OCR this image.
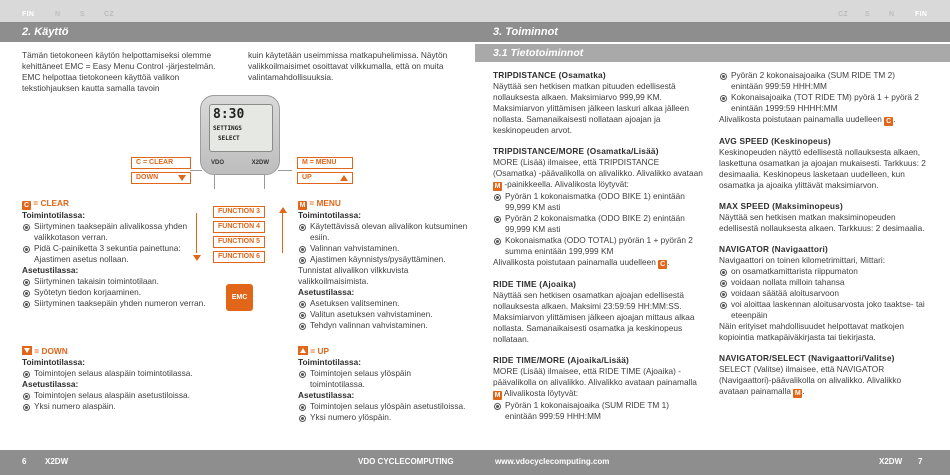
FIN	N	S	CZ
2. Käyttö
Tämän tietokoneen käytön helpottamiseksi olemme kehittäneet EMC = Easy Menu Control -järjestelmän. EMC helpottaa tietokoneen käyttöä valikon tekstiohjauksen kautta samalla tavoin
kuin käytetään useimmissa matkapuhelimissa. Näytön valikkoilmaisimet osoittavat vilkkumalla, että on muita valintamahdollisuuksia.
8:30
SETTINGS
SELECT
VDO	X2DW
C = CLEAR
DOWN
M = MENU
UP
FUNCTION 3
FUNCTION 4
FUNCTION 5
FUNCTION 6
EMC

C = CLEAR

Toimintotilassa:

Siirtyminen taaksepäin alivalikossa yhden valikkotason verran.
Pidä C-painiketta 3 sekuntia painettuna: Ajastimen asetus nollaan.

Asetustilassa:

Siirtyminen takaisin toimintotilaan.
Syötetyn tiedon korjaaminen.
Siirtyminen taaksepäin yhden numeron verran.

= DOWN

Toimintotilassa:

Toimintojen selaus alaspäin toimintotilassa.

Asetustilassa:

Toimintojen selaus alaspäin asetustiloissa.
Yksi numero alaspäin.

M = MENU

Toimintotilassa:

Käytettävissä olevan alivalikon kutsuminen esiin.
Valinnan vahvistaminen.
Ajastimen käynnistys/pysäyttäminen.

Tunnistat alivalikon vilkkuvista valikkoilmaisimista.

Asetustilassa:

Asetuksen valitseminen.
Valitun asetuksen vahvistaminen.
Tehdyn valinnan vahvistaminen.

= UP

Toimintotilassa:

Toimintojen selaus ylöspäin toimintotilassa.

Asetustilassa:

Toimintojen selaus ylöspäin asetustiloissa.
Yksi numero ylöspäin.
6 X2DW	VDO CYCLECOMPUTING
CZ S	N	FIN
3. Toiminnot

TRIPDISTANCE (Osamatka)

Näyttää sen hetkisen matkan pituuden edellisestä nollauksesta alkaen. Maksimiarvo 999,99 KM. Maksimiarvon ylittämisen jälkeen laskuri alkaa jälleen nollasta. Samanaikaisesti nollataan ajoajan ja keskinopeuden arvot.

TRIPDISTANCE/MORE (Osamatka/Lisää)

MORE (Lisää) ilmaisee, että TRIPDISTANCE (Osamatka) -päävalikolla on alivalikko. Alivalikko avataan M -painikkeella. Alivalikosta löytyvät:

Pyörän 1 kokonaismatka (ODO BIKE 1) enintään 99,999 KM asti
Pyörän 2 kokonaismatka (ODO BIKE 2) enintään 99,999 KM asti
Kokonaismatka (ODO TOTAL) pyörän 1 + pyörän 2 summa enintään 199,999 KM

Alivalikosta poistutaan painamalla uudelleen C .

RIDE TIME (Ajoaika)

Näyttää sen hetkisen osamatkan ajoajan edellisestä nollauksesta alkaen. Maksimi 23:59:59 HH:MM:SS. Maksimiarvon ylittämisen jälkeen ajoajan mittaus alkaa nollasta. Samanaikaisesti osamatka ja keskinopeus nollataan.

RIDE TIME/MORE (Ajoaika/Lisää)

MORE (Lisää) ilmaisee, että RIDE TIME (Ajoaika) -päävalikolla on alivalikko. Alivalikko avataan painamalla M Alivalikosta löytyvät:

Pyörän 1 kokonaisajoaika (SUM RIDE TM 1) enintään 999:59 HHH:MM
Pyörän 2 kokonaisajoaika (SUM RIDE TM 2) enintään 999:59 HHH:MM
Kokonaisajoaika (TOT RIDE TM) pyörä 1 + pyörä 2 enintään 1999:59 HHHH:MM

Alivalikosta poistutaan painamalla uudelleen C .

AVG SPEED (Keskinopeus)

Keskinopeuden näyttö edellisestä nollauksesta alkaen, laskettuna osamatkan ja ajoajan mukaisesti. Tarkkuus: 2 desimaalia. Keskinopeus lasketaan uudelleen, kun osamatka ja ajoaika ylittävät maksimiarvon.

MAX SPEED (Maksiminopeus)

Näyttää sen hetkisen matkan maksiminopeuden edellisestä nollauksesta alkaen. Tarkkuus: 2 desimaalia.

NAVIGATOR (Navigaattori)

Navigaattori on toinen kilometrimittari, Mittari:

on osamatkamittarista riippumaton
voidaan nollata milloin tahansa
voidaan säätää aloitusarvoon
voi aloittaa laskennan aloitusarvosta joko taaktse- tai eteenpäin

Näin erityiset mahdollisuudet helpottavat matkojen kopiointia matkapäiväkirjasta tai tiekirjasta.

NAVIGATOR/SELECT (Navigaattori/Valitse)

SELECT (Valitse) ilmaisee, että NAVIGATOR (Navigaattori)-päävalikolla on alivalikko. Alivalikko avataan painamalla M .

www.vdocyclecomputing.com	X2DW 7
3.1 Tietotoiminnot
